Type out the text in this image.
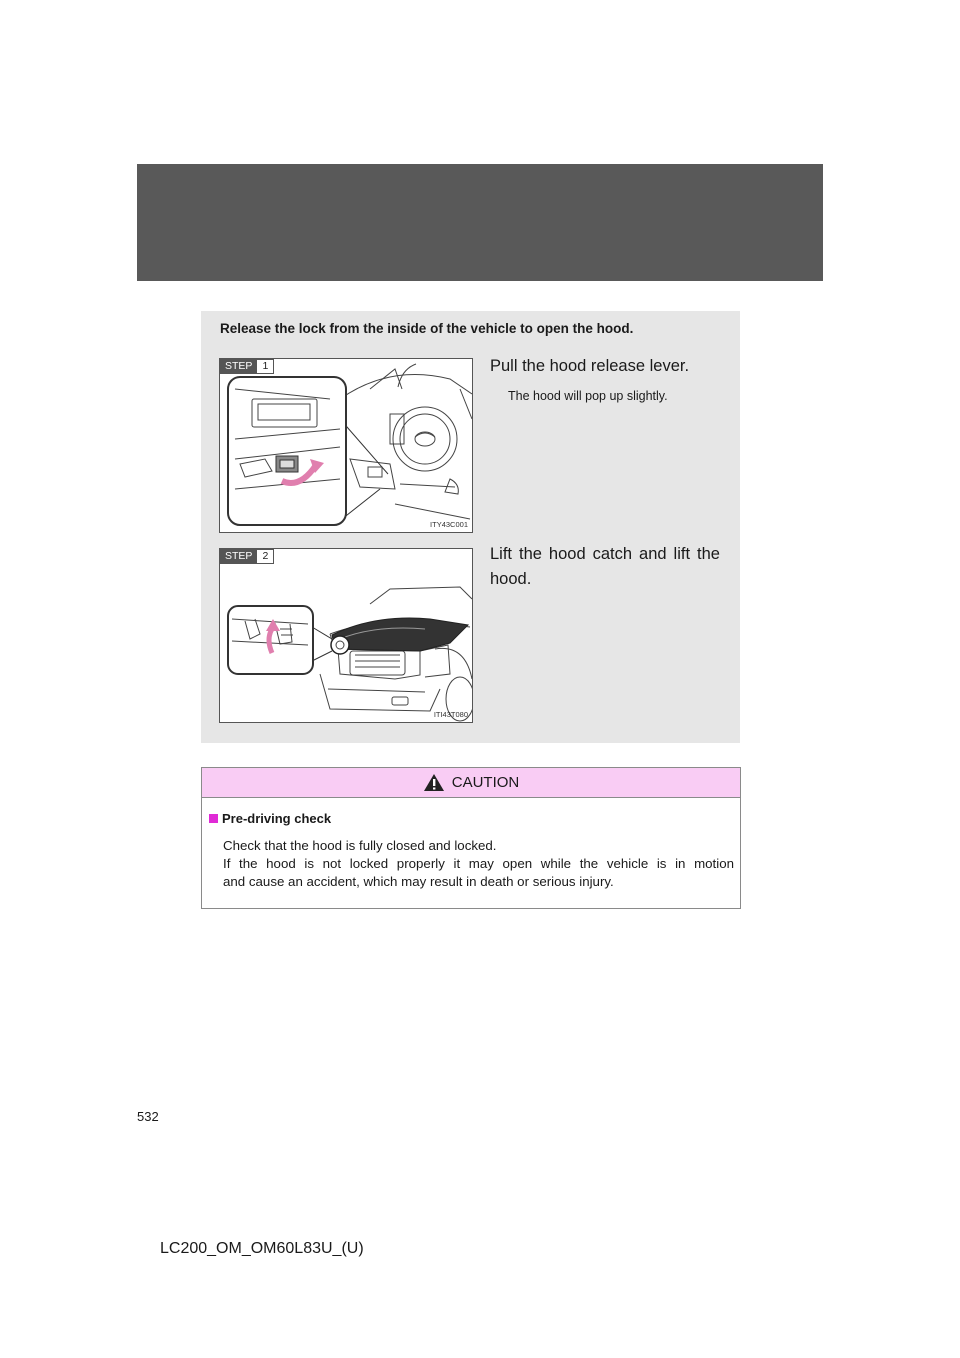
Release the lock from the inside of the vehicle to open the hood.
STEP 1
ITY43C001
Pull the hood release lever.
The hood will pop up slightly.
STEP 2
ITI43T080
Lift the hood catch and lift the hood.
CAUTION
Pre-driving check
Check that the hood is fully closed and locked.
If the hood is not locked properly it may open while the vehicle is in motion
and cause an accident, which may result in death or serious injury.
532
LC200_OM_OM60L83U_(U)
